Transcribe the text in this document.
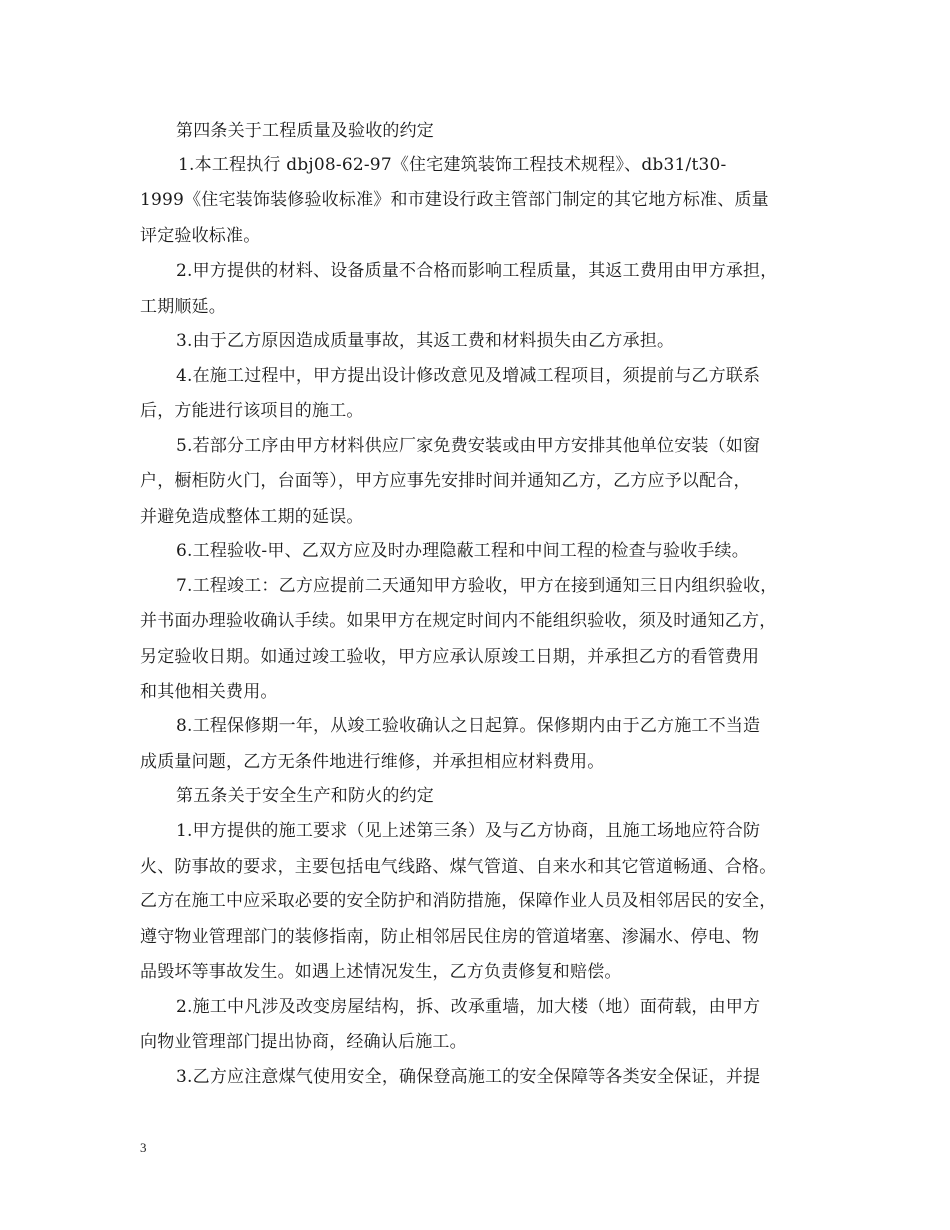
第四条关于工程质量及验收的约定
1.本工程执行 dbj08-62-97《住宅建筑装饰工程技术规程》、db31/t30-
1999《住宅装饰装修验收标准》和市建设行政主管部门制定的其它地方标准、质量
评定验收标准。
2.甲方提供的材料、设备质量不合格而影响工程质量，其返工费用由甲方承担，
工期顺延。
3.由于乙方原因造成质量事故，其返工费和材料损失由乙方承担。
4.在施工过程中，甲方提出设计修改意见及增减工程项目，须提前与乙方联系
后，方能进行该项目的施工。
5.若部分工序由甲方材料供应厂家免费安装或由甲方安排其他单位安装（如窗
户，橱柜防火门，台面等），甲方应事先安排时间并通知乙方，乙方应予以配合，
并避免造成整体工期的延误。
6.工程验收-甲、乙双方应及时办理隐蔽工程和中间工程的检查与验收手续。
7.工程竣工：乙方应提前二天通知甲方验收，甲方在接到通知三日内组织验收，
并书面办理验收确认手续。如果甲方在规定时间内不能组织验收，须及时通知乙方，
另定验收日期。如通过竣工验收，甲方应承认原竣工日期，并承担乙方的看管费用
和其他相关费用。
8.工程保修期一年，从竣工验收确认之日起算。保修期内由于乙方施工不当造
成质量问题，乙方无条件地进行维修，并承担相应材料费用。
第五条关于安全生产和防火的约定
1.甲方提供的施工要求（见上述第三条）及与乙方协商，且施工场地应符合防
火、防事故的要求，主要包括电气线路、煤气管道、自来水和其它管道畅通、合格。
乙方在施工中应采取必要的安全防护和消防措施，保障作业人员及相邻居民的安全，
遵守物业管理部门的装修指南，防止相邻居民住房的管道堵塞、渗漏水、停电、物
品毁坏等事故发生。如遇上述情况发生，乙方负责修复和赔偿。
2.施工中凡涉及改变房屋结构，拆、改承重墙，加大楼（地）面荷载，由甲方
向物业管理部门提出协商，经确认后施工。
3.乙方应注意煤气使用安全，确保登高施工的安全保障等各类安全保证，并提
3
